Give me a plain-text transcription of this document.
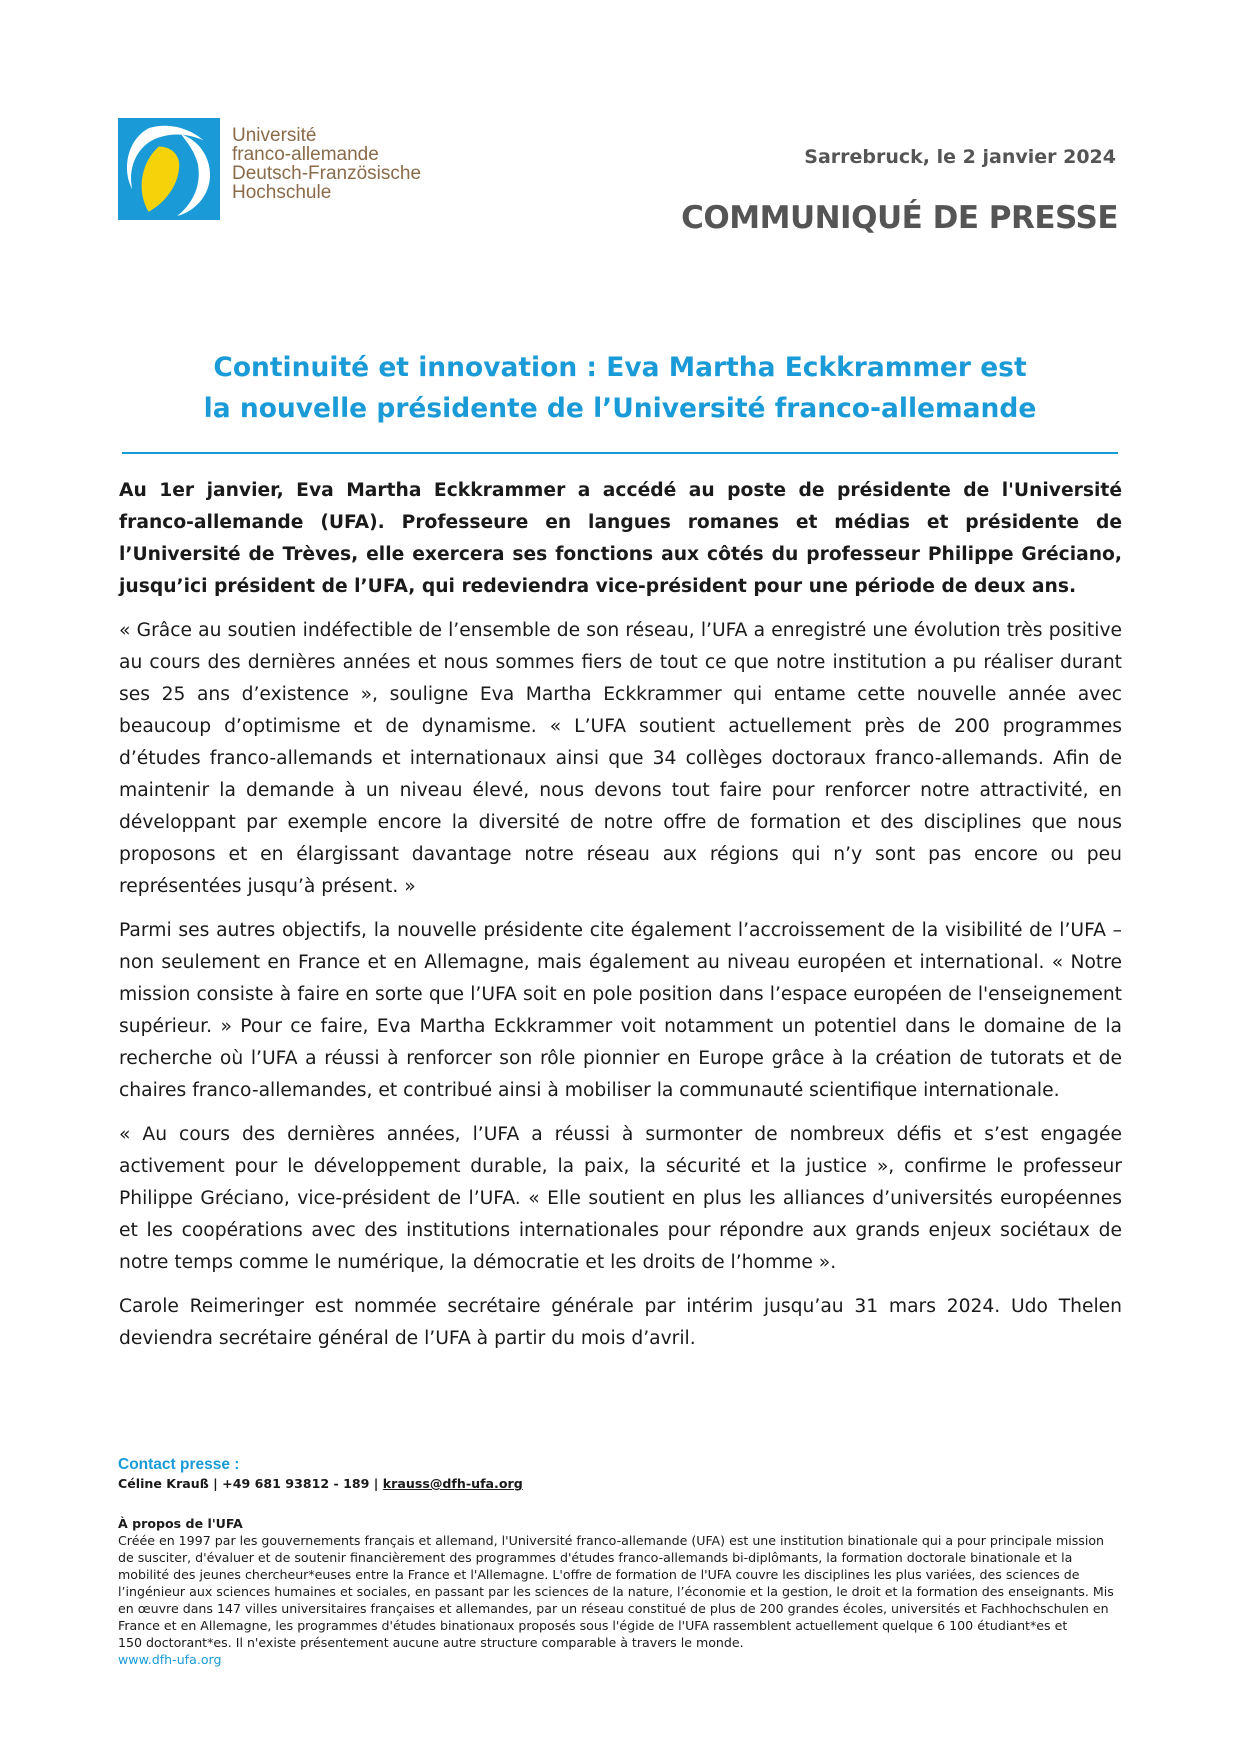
Université
franco-allemande
Deutsch-Französische
Hochschule
Sarrebruck, le 2 janvier 2024
COMMUNIQUÉ DE PRESSE
Continuité et innovation : Eva Martha Eckkrammer est
la nouvelle présidente de l’Université franco-allemande

Au 1er janvier, Eva Martha Eckkrammer a accédé au poste de présidente de l'Université franco-allemande (UFA). Professeure en langues romanes et médias et présidente de l’Université de Trèves, elle exercera ses fonctions aux côtés du professeur Philippe Gréciano, jusqu’ici président de l’UFA, qui redeviendra vice-président pour une période de deux ans.

« Grâce au soutien indéfectible de l’ensemble de son réseau, l’UFA a enregistré une évolution très positive au cours des dernières années et nous sommes fiers de tout ce que notre institution a pu réaliser durant ses 25 ans d’existence », souligne Eva Martha Eckkrammer qui entame cette nouvelle année avec beaucoup d’optimisme et de dynamisme. « L’UFA soutient actuellement près de 200 programmes d’études franco-allemands et internationaux ainsi que 34 collèges doctoraux franco-allemands. Afin de maintenir la demande à un niveau élevé, nous devons tout faire pour renforcer notre attractivité, en développant par exemple encore la diversité de notre offre de formation et des disciplines que nous proposons et en élargissant davantage notre réseau aux régions qui n’y sont pas encore ou peu représentées jusqu’à présent. »

Parmi ses autres objectifs, la nouvelle présidente cite également l’accroissement de la visibilité de l’UFA – non seulement en France et en Allemagne, mais également au niveau européen et international. « Notre mission consiste à faire en sorte que l’UFA soit en pole position dans l’espace européen de l'enseignement supérieur. » Pour ce faire, Eva Martha Eckkrammer voit notamment un potentiel dans le domaine de la recherche où l’UFA a réussi à renforcer son rôle pionnier en Europe grâce à la création de tutorats et de chaires franco-allemandes, et contribué ainsi à mobiliser la communauté scientifique internationale.

« Au cours des dernières années, l’UFA a réussi à surmonter de nombreux défis et s’est engagée activement pour le développement durable, la paix, la sécurité et la justice », confirme le professeur Philippe Gréciano, vice-président de l’UFA. « Elle soutient en plus les alliances d’universités européennes et les coopérations avec des institutions internationales pour répondre aux grands enjeux sociétaux de notre temps comme le numérique, la démocratie et les droits de l’homme ».

Carole Reimeringer est nommée secrétaire générale par intérim jusqu’au 31 mars 2024. Udo Thelen deviendra secrétaire général de l’UFA à partir du mois d’avril.

Contact presse :
Céline Krauß | +49 681 93812 - 189 | krauss@dfh-ufa.org
À propos de l'UFA
Créée en 1997 par les gouvernements français et allemand, l'Université franco-allemande (UFA) est une institution binationale qui a pour principale mission
de susciter, d'évaluer et de soutenir financièrement des programmes d'études franco-allemands bi-diplômants, la formation doctorale binationale et la
mobilité des jeunes chercheur*euses entre la France et l'Allemagne. L'offre de formation de l'UFA couvre les disciplines les plus variées, des sciences de
l’ingénieur aux sciences humaines et sociales, en passant par les sciences de la nature, l’économie et la gestion, le droit et la formation des enseignants. Mis
en œuvre dans 147 villes universitaires françaises et allemandes, par un réseau constitué de plus de 200 grandes écoles, universités et Fachhochschulen en
France et en Allemagne, les programmes d'études binationaux proposés sous l'égide de l'UFA rassemblent actuellement quelque 6 100 étudiant*es et
150 doctorant*es. Il n'existe présentement aucune autre structure comparable à travers le monde.
www.dfh-ufa.org
